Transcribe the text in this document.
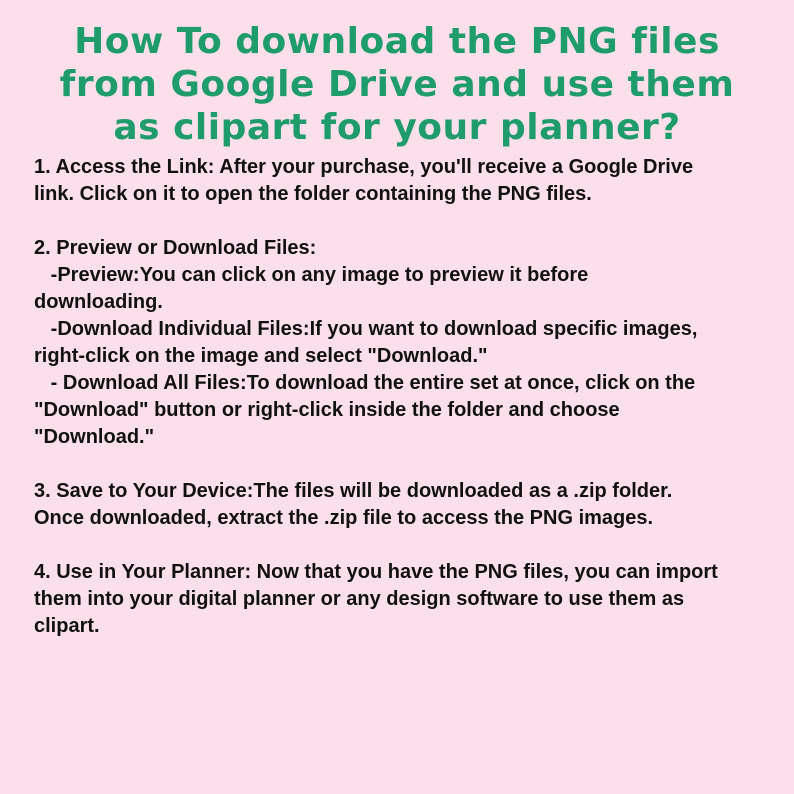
How To download the PNG files
from Google Drive and use them
as clipart for your planner?
1. Access the Link: After your purchase, you'll receive a Google Drive
link. Click on it to open the folder containing the PNG files.
2. Preview or Download Files:
-Preview:You can click on any image to preview it before
downloading.
-Download Individual Files:If you want to download specific images,
right-click on the image and select "Download."
- Download All Files:To download the entire set at once, click on the
"Download" button or right-click inside the folder and choose
"Download."
3. Save to Your Device:The files will be downloaded as a .zip folder.
Once downloaded, extract the .zip file to access the PNG images.
4. Use in Your Planner: Now that you have the PNG files, you can import
them into your digital planner or any design software to use them as
clipart.
